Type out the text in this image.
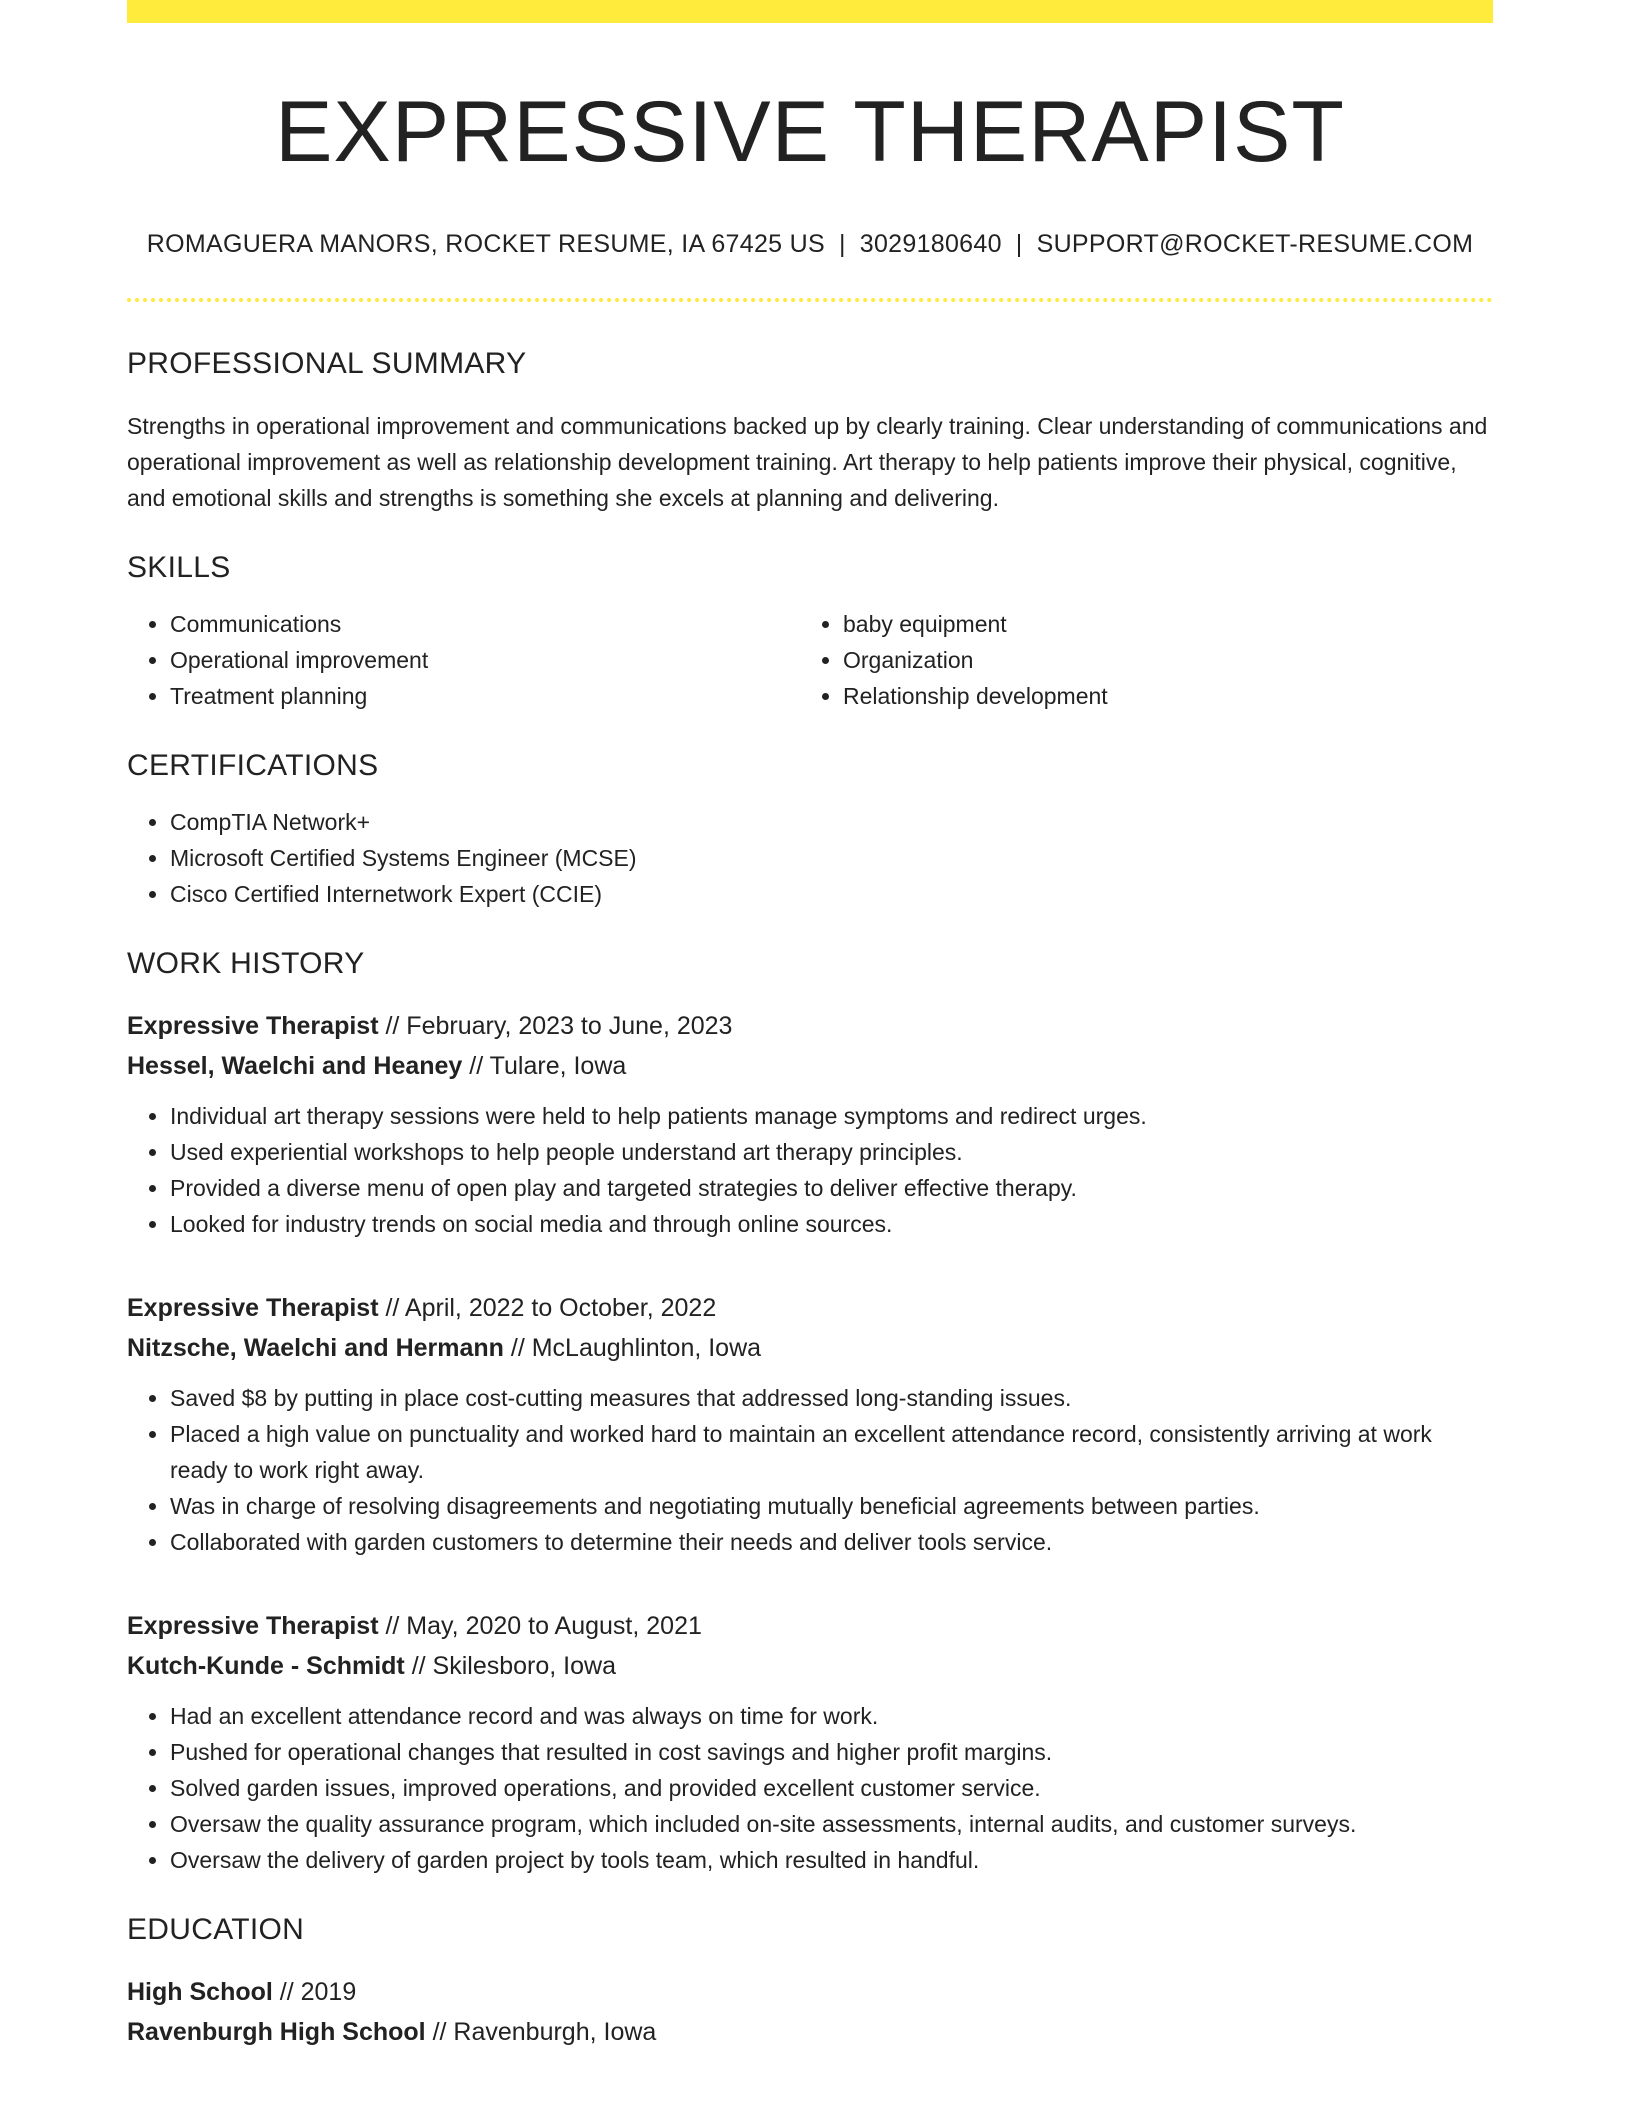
EXPRESSIVE THERAPIST
ROMAGUERA MANORS, ROCKET RESUME, IA 67425 US | 3029180640 | SUPPORT@ROCKET-RESUME.COM
PROFESSIONAL SUMMARY
Strengths in operational improvement and communications backed up by clearly training. Clear understanding of communications and operational improvement as well as relationship development training. Art therapy to help patients improve their physical, cognitive, and emotional skills and strengths is something she excels at planning and delivering.
SKILLS
• Communications
• Operational improvement
• Treatment planning
• baby equipment
• Organization
• Relationship development
CERTIFICATIONS
• CompTIA Network+
• Microsoft Certified Systems Engineer (MCSE)
• Cisco Certified Internetwork Expert (CCIE)
WORK HISTORY
Expressive Therapist // February, 2023 to June, 2023
Hessel, Waelchi and Heaney // Tulare, Iowa
• Individual art therapy sessions were held to help patients manage symptoms and redirect urges.
• Used experiential workshops to help people understand art therapy principles.
• Provided a diverse menu of open play and targeted strategies to deliver effective therapy.
• Looked for industry trends on social media and through online sources.
Expressive Therapist // April, 2022 to October, 2022
Nitzsche, Waelchi and Hermann // McLaughlinton, Iowa
• Saved $8 by putting in place cost-cutting measures that addressed long-standing issues.
• Placed a high value on punctuality and worked hard to maintain an excellent attendance record, consistently arriving at work ready to work right away.
• Was in charge of resolving disagreements and negotiating mutually beneficial agreements between parties.
• Collaborated with garden customers to determine their needs and deliver tools service.
Expressive Therapist // May, 2020 to August, 2021
Kutch-Kunde - Schmidt // Skilesboro, Iowa
• Had an excellent attendance record and was always on time for work.
• Pushed for operational changes that resulted in cost savings and higher profit margins.
• Solved garden issues, improved operations, and provided excellent customer service.
• Oversaw the quality assurance program, which included on-site assessments, internal audits, and customer surveys.
• Oversaw the delivery of garden project by tools team, which resulted in handful.
EDUCATION
High School // 2019
Ravenburgh High School // Ravenburgh, Iowa
